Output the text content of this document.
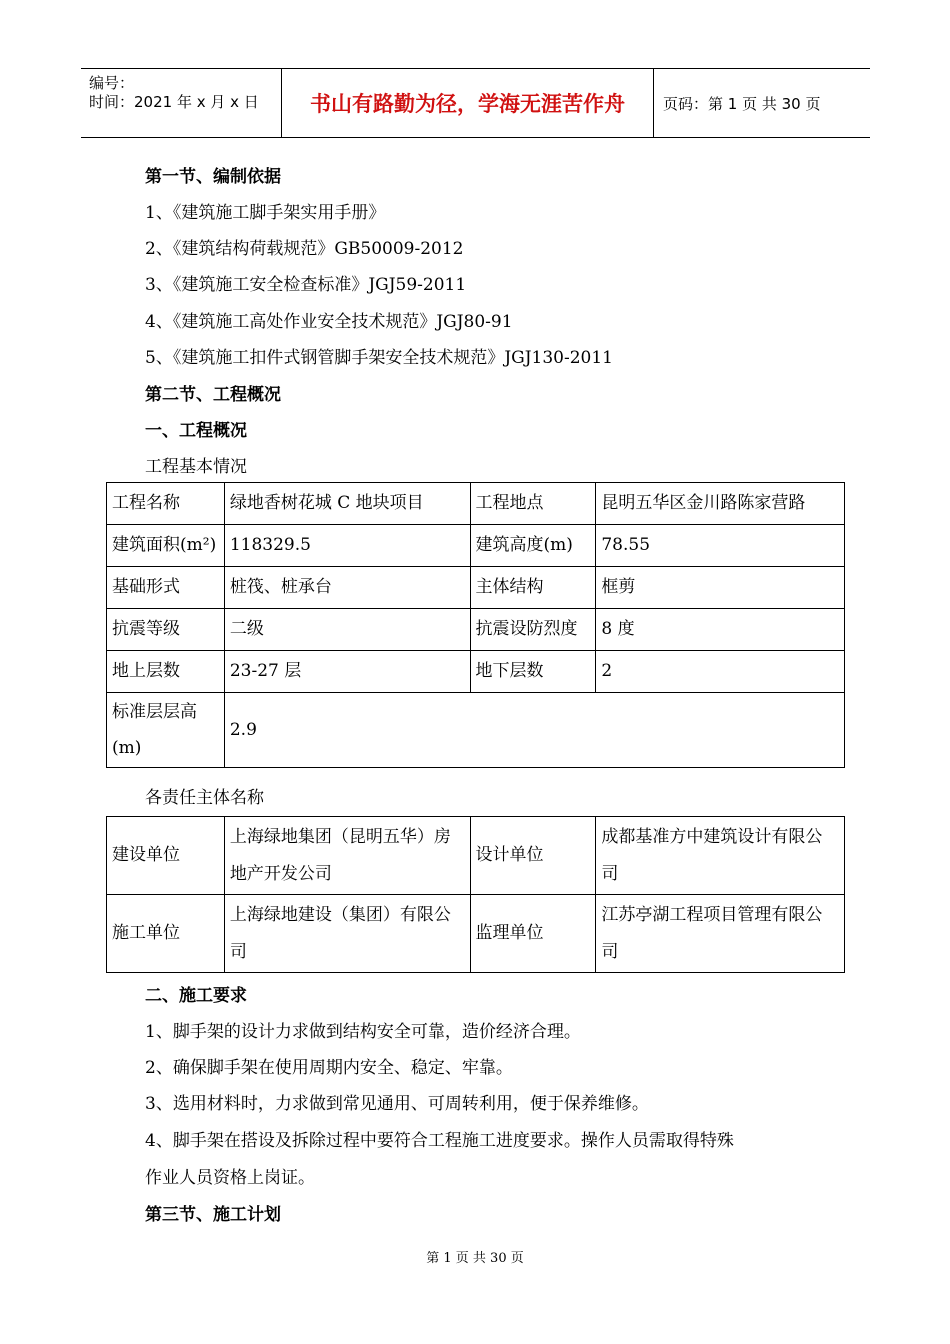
编号：
时间：2021 年 x 月 x 日	书山有路勤为径，学海无涯苦作舟	页码：第 1 页 共 30 页
第一节、编制依据
1、《建筑施工脚手架实用手册》
2、《建筑结构荷载规范》GB50009-2012
3、《建筑施工安全检查标准》JGJ59-2011
4、《建筑施工高处作业安全技术规范》JGJ80-91
5、《建筑施工扣件式钢管脚手架安全技术规范》JGJ130-2011
第二节、工程概况
一、工程概况
工程基本情况
工程名称	绿地香树花城 C 地块项目	工程地点	昆明五华区金川路陈家营路
建筑面积(m²)	118329.5	建筑高度(m)	78.55
基础形式	桩筏、桩承台	主体结构	框剪
抗震等级	二级	抗震设防烈度	8 度
地上层数	23-27 层	地下层数	2
标准层层高(m)	2.9		
各责任主体名称
建设单位	上海绿地集团（昆明五华）房地产开发公司	设计单位	成都基准方中建筑设计有限公司
施工单位	上海绿地建设（集团）有限公司	监理单位	江苏亭湖工程项目管理有限公司
二、施工要求
1、脚手架的设计力求做到结构安全可靠，造价经济合理。
2、确保脚手架在使用周期内安全、稳定、牢靠。
3、选用材料时，力求做到常见通用、可周转利用，便于保养维修。
4、脚手架在搭设及拆除过程中要符合工程施工进度要求。操作人员需取得特殊
作业人员资格上岗证。
第三节、施工计划
第 1 页 共 30 页
